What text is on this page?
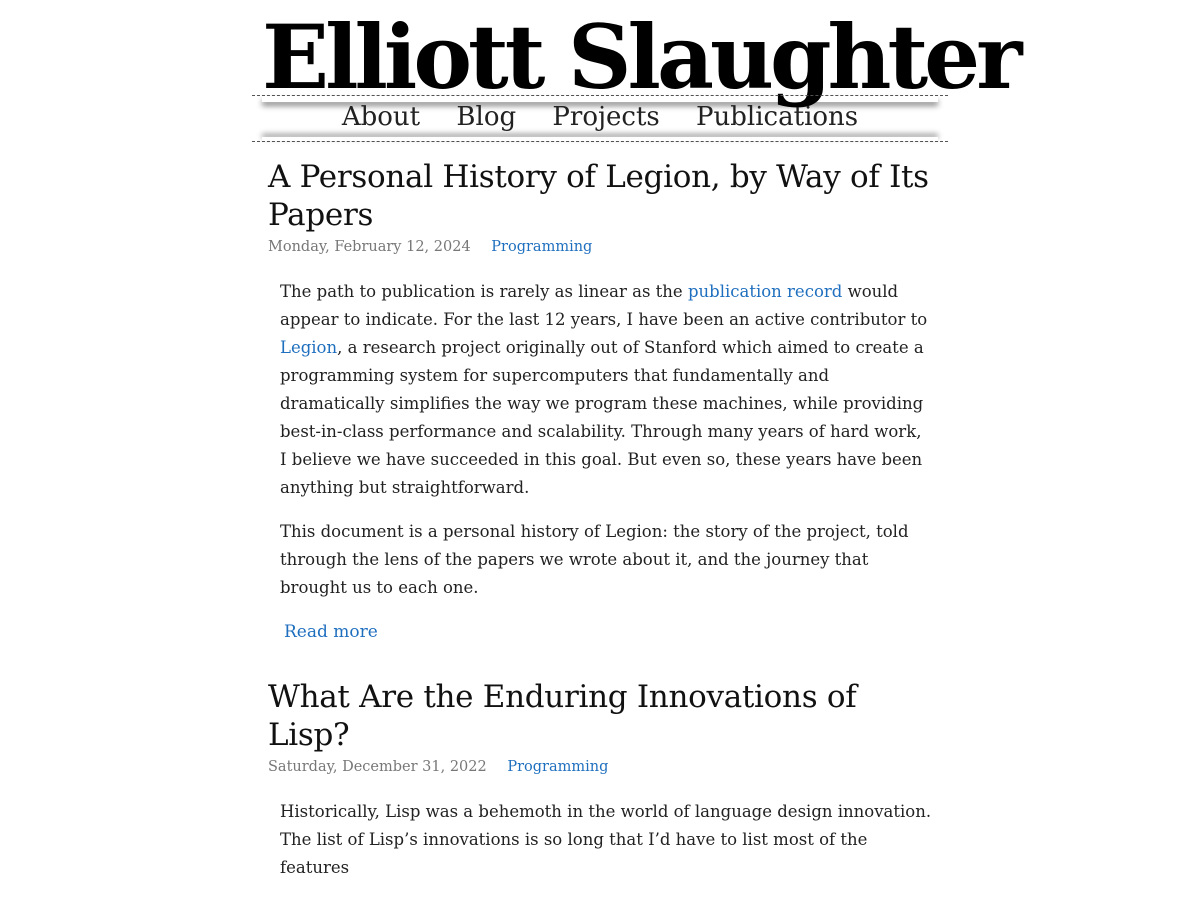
Elliott Slaughter
About Blog Projects Publications
A Personal History of Legion, by Way of Its Papers
Monday, February 12, 2024 Programming

The path to publication is rarely as linear as the publication record would appear to indicate. For the last 12 years, I have been an active contributor to Legion, a research project originally out of Stanford which aimed to create a programming system for supercomputers that fundamentally and dramatically simplifies the way we program these machines, while providing best-in-class performance and scalability. Through many years of hard work, I believe we have succeeded in this goal. But even so, these years have been anything but straightforward.

This document is a personal history of Legion: the story of the project, told through the lens of the papers we wrote about it, and the journey that brought us to each one.

Read more
What Are the Enduring Innovations of Lisp?
Saturday, December 31, 2022 Programming

Historically, Lisp was a behemoth in the world of language design innovation. The list of Lisp’s innovations is so long that I’d have to list most of the features
